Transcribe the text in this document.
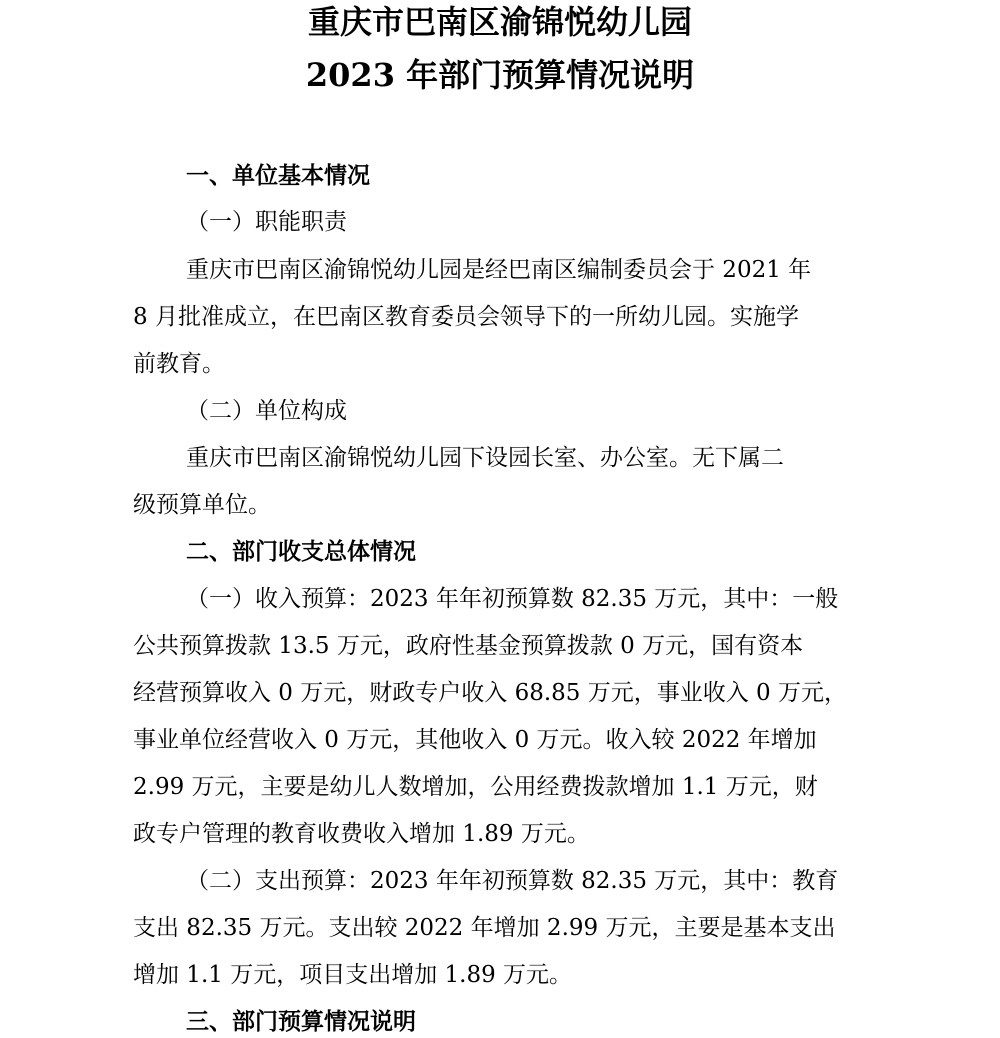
重庆市巴南区渝锦悦幼儿园
2023 年部门预算情况说明
一、单位基本情况
（一）职能职责
重庆市巴南区渝锦悦幼儿园是经巴南区编制委员会于 2021 年
8 月批准成立，在巴南区教育委员会领导下的一所幼儿园。实施学
前教育。
（二）单位构成
重庆市巴南区渝锦悦幼儿园下设园长室、办公室。无下属二
级预算单位。
二、部门收支总体情况
（一）收入预算：2023 年年初预算数 82.35 万元，其中：一般
公共预算拨款 13.5 万元，政府性基金预算拨款 0 万元，国有资本
经营预算收入 0 万元，财政专户收入 68.85 万元，事业收入 0 万元，
事业单位经营收入 0 万元，其他收入 0 万元。收入较 2022 年增加
2.99 万元，主要是幼儿人数增加，公用经费拨款增加 1.1 万元，财
政专户管理的教育收费收入增加 1.89 万元。
（二）支出预算：2023 年年初预算数 82.35 万元，其中：教育
支出 82.35 万元。支出较 2022 年增加 2.99 万元，主要是基本支出
增加 1.1 万元，项目支出增加 1.89 万元。
三、部门预算情况说明
